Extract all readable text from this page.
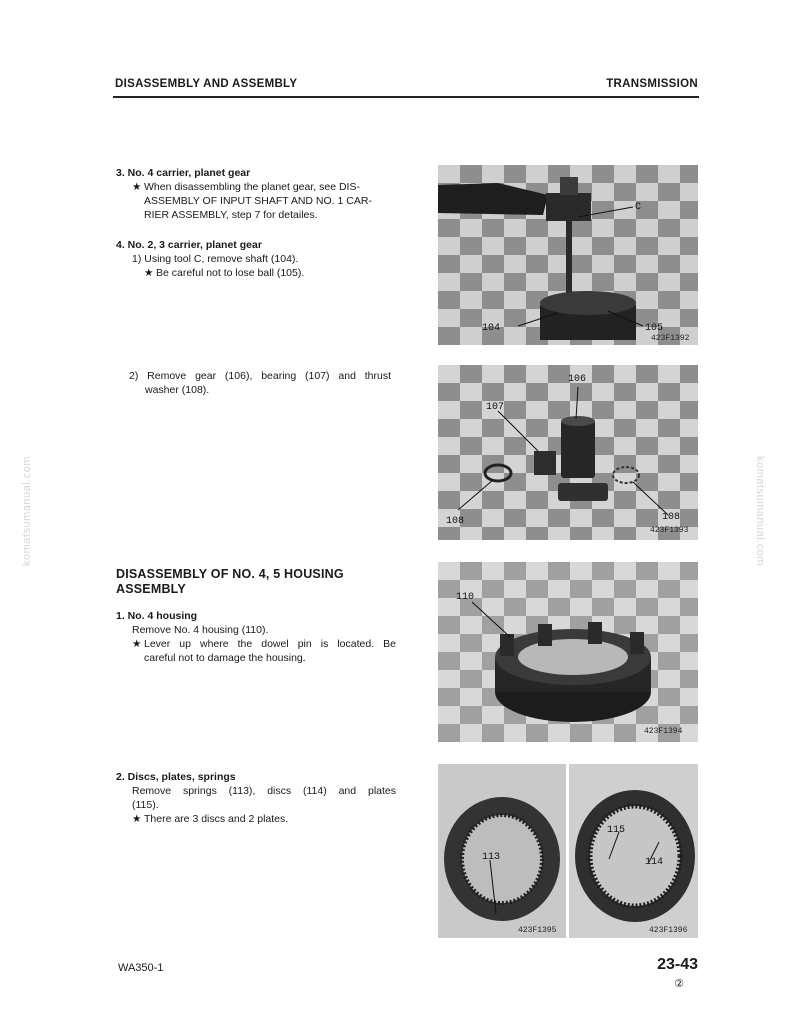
DISASSEMBLY AND ASSEMBLY	TRANSMISSION
komatsumanual.com	komatsumanual.com
3. No. 4 carrier, planet gear
★ When disassembling the planet gear, see DIS-
ASSEMBLY OF INPUT SHAFT AND NO. 1 CAR-
RIER ASSEMBLY, step 7 for detailes.
4. No. 2, 3 carrier, planet gear
1) Using tool C, remove shaft (104).
★ Be careful not to lose ball (105).
2) Remove gear (106), bearing (107) and thrust
washer (108).
DISASSEMBLY OF NO. 4, 5 HOUSING
ASSEMBLY
1. No. 4 housing
Remove No. 4 housing (110).
★ Lever up where the dowel pin is located. Be
careful not to damage the housing.
2. Discs, plates, springs
Remove springs (113), discs (114) and plates
(115).
★ There are 3 discs and 2 plates.
C
104	105
423F1392
106
107
108	108
423F1393
110
423F1394
113
423F1395
115
114
423F1396
WA350-1	23-43
②
